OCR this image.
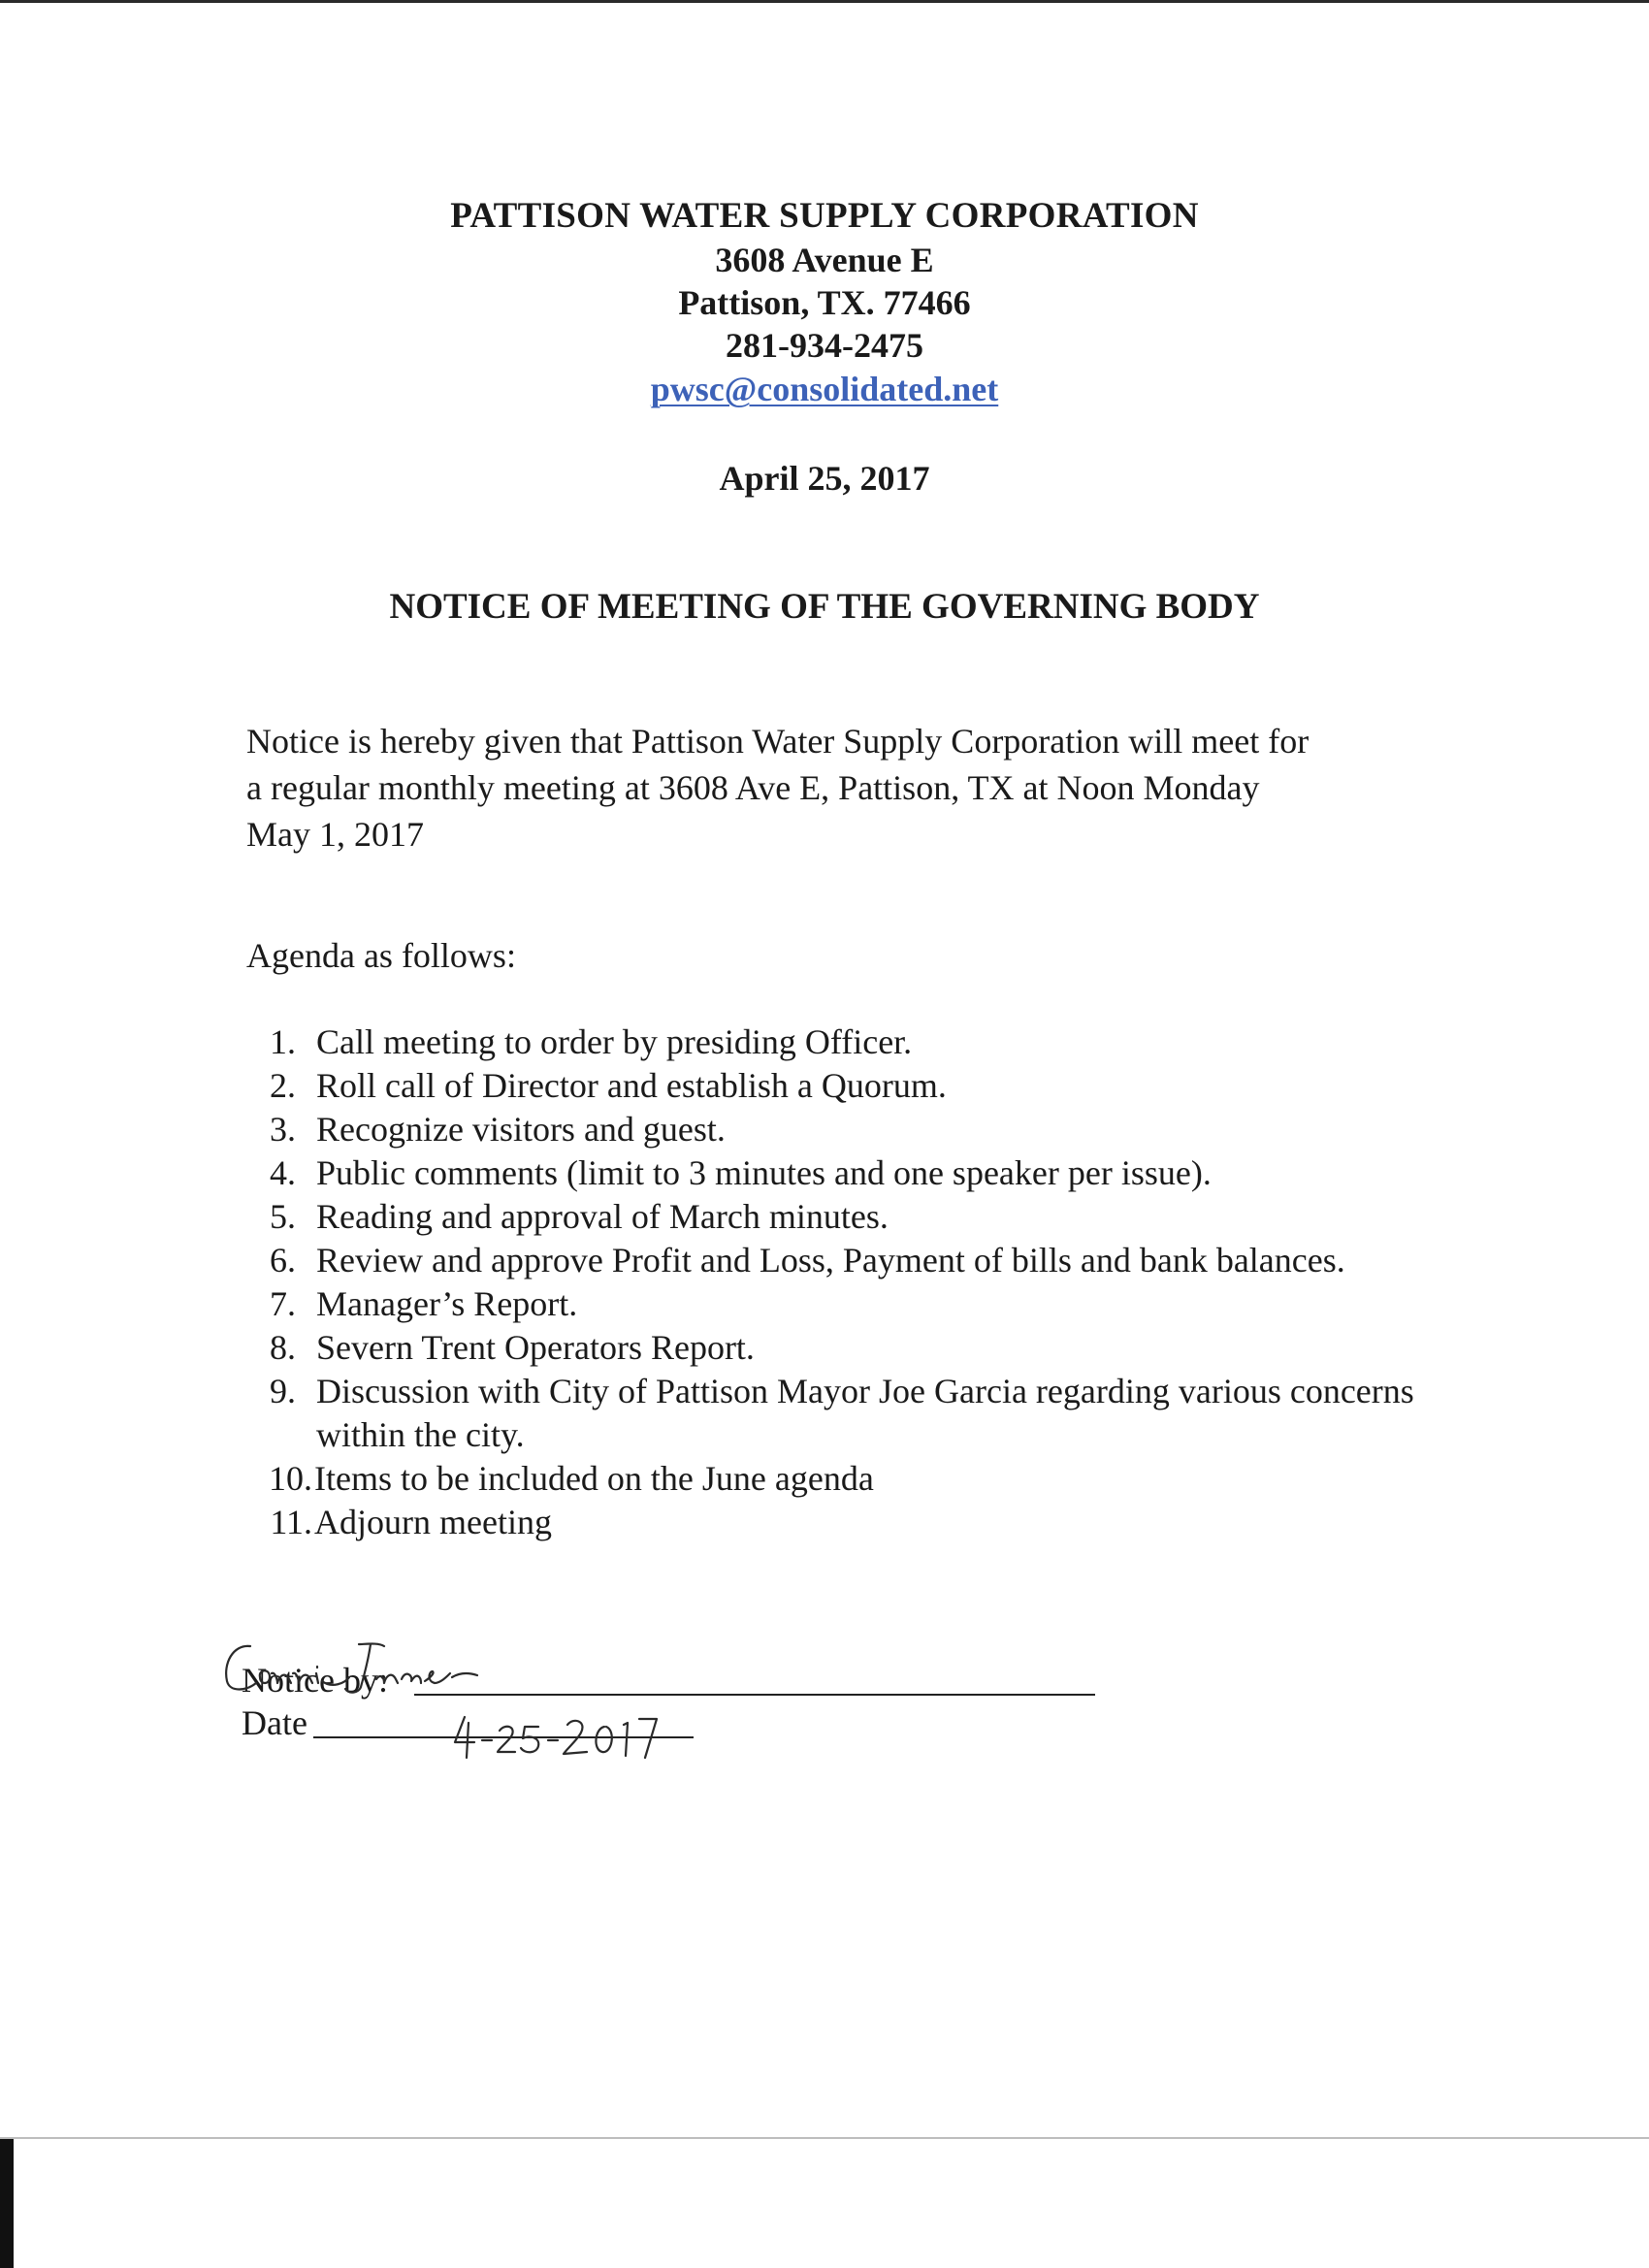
PATTISON WATER SUPPLY CORPORATION
3608 Avenue E
Pattison, TX. 77466
281-934-2475
pwsc@consolidated.net
April 25, 2017
NOTICE OF MEETING OF THE GOVERNING BODY
Notice is hereby given that Pattison Water Supply Corporation will meet for
a regular monthly meeting at 3608 Ave E, Pattison, TX at Noon Monday
May 1, 2017
Agenda as follows:
1. Call meeting to order by presiding Officer.
2. Roll call of Director and establish a Quorum.
3. Recognize visitors and guest.
4. Public comments (limit to 3 minutes and one speaker per issue).
5. Reading and approval of March minutes.
6. Review and approve Profit and Loss, Payment of bills and bank balances.
7. Manager’s Report.
8. Severn Trent Operators Report.
9. Discussion with City of Pattison Mayor Joe Garcia regarding various concerns within the city.
10.Items to be included on the June agenda
11.Adjourn meeting
Notice by:
Date
